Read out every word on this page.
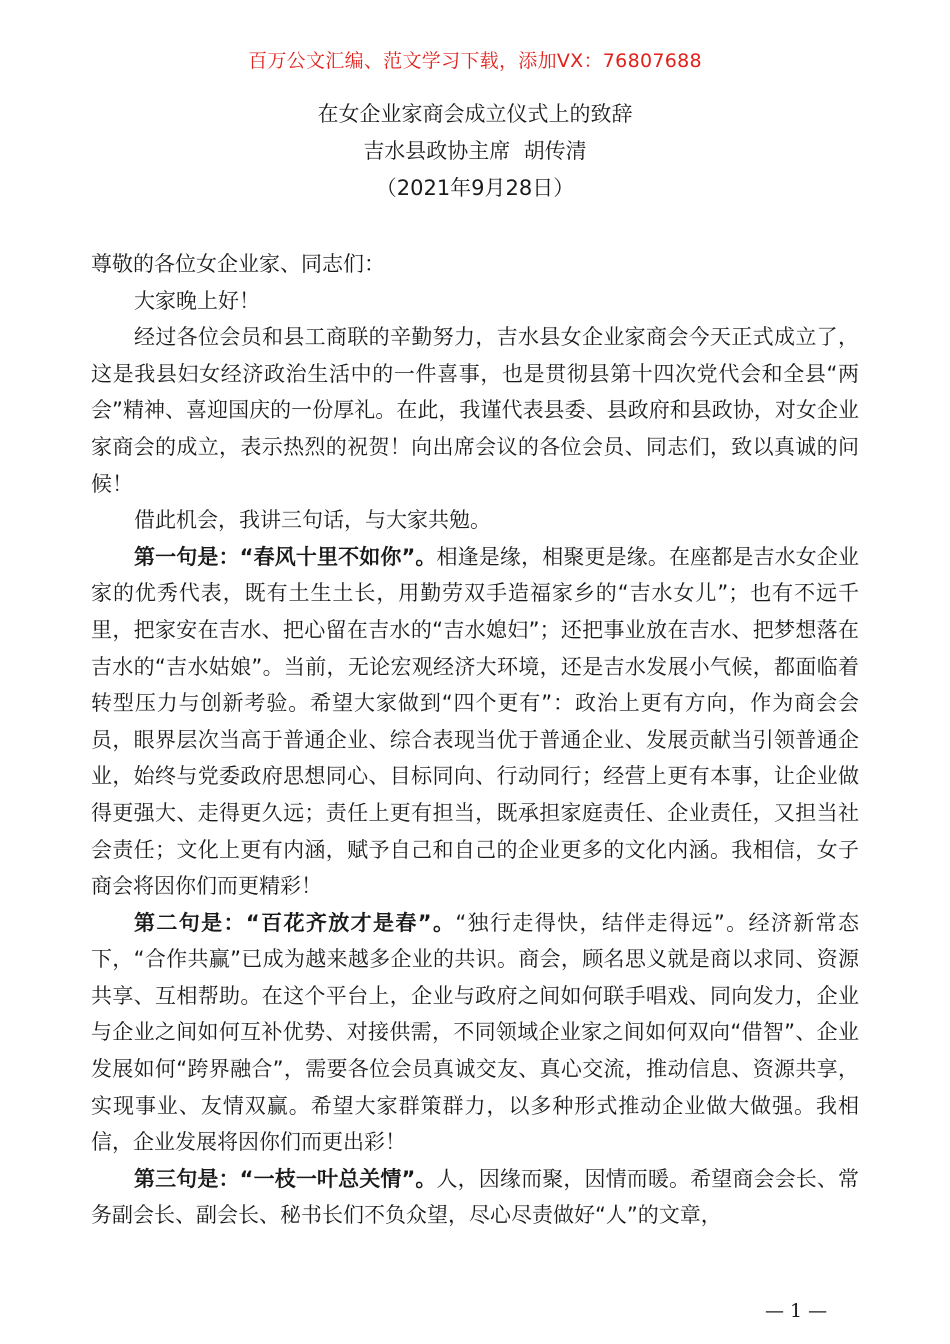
百万公文汇编、范文学习下载，添加VX：76807688
在女企业家商会成立仪式上的致辞
吉水县政协主席  胡传清
（2021年9月28日）

尊敬的各位女企业家、同志们：

大家晚上好！

经过各位会员和县工商联的辛勤努力，吉水县女企业家商会今天正式成立了，这是我县妇女经济政治生活中的一件喜事，也是贯彻县第十四次党代会和全县“两会”精神、喜迎国庆的一份厚礼。在此，我谨代表县委、县政府和县政协，对女企业家商会的成立，表示热烈的祝贺！向出席会议的各位会员、同志们，致以真诚的问候！

借此机会，我讲三句话，与大家共勉。

第一句是：“春风十里不如你”。相逢是缘，相聚更是缘。在座都是吉水女企业家的优秀代表，既有土生土长，用勤劳双手造福家乡的“吉水女儿”；也有不远千里，把家安在吉水、把心留在吉水的“吉水媳妇”；还把事业放在吉水、把梦想落在吉水的“吉水姑娘”。当前，无论宏观经济大环境，还是吉水发展小气候，都面临着转型压力与创新考验。希望大家做到“四个更有”：政治上更有方向，作为商会会员，眼界层次当高于普通企业、综合表现当优于普通企业、发展贡献当引领普通企业，始终与党委政府思想同心、目标同向、行动同行；经营上更有本事，让企业做得更强大、走得更久远；责任上更有担当，既承担家庭责任、企业责任，又担当社会责任；文化上更有内涵，赋予自己和自己的企业更多的文化内涵。我相信，女子商会将因你们而更精彩！

第二句是：“百花齐放才是春”。“独行走得快，结伴走得远”。经济新常态下，“合作共赢”已成为越来越多企业的共识。商会，顾名思义就是商以求同、资源共享、互相帮助。在这个平台上，企业与政府之间如何联手唱戏、同向发力，企业与企业之间如何互补优势、对接供需，不同领域企业家之间如何双向“借智”、企业发展如何“跨界融合”，需要各位会员真诚交友、真心交流，推动信息、资源共享，实现事业、友情双赢。希望大家群策群力，以多种形式推动企业做大做强。我相信，企业发展将因你们而更出彩！

第三句是：“一枝一叶总关情”。人，因缘而聚，因情而暖。希望商会会长、常务副会长、副会长、秘书长们不负众望，尽心尽责做好“人”的文章，

— 1 —
